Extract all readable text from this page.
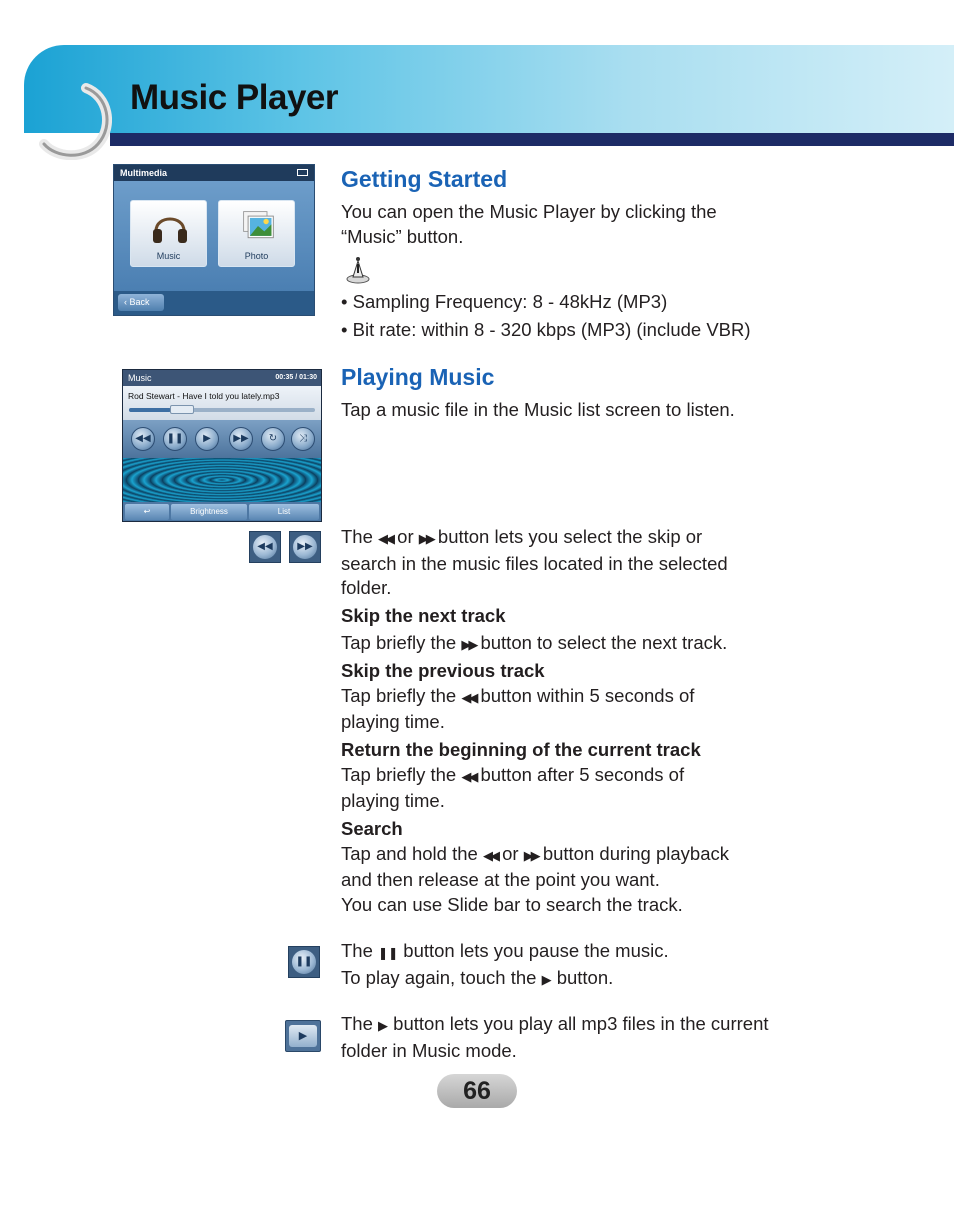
Music Player
Multimedia
Music	Photo
‹ Back
Getting Started
You can open the Music Player by clicking the
“Music” button.
• Sampling Frequency: 8 - 48kHz (MP3)
• Bit rate: within 8 - 320 kbps (MP3) (include VBR)
Music	00:35 / 01:30
Rod Stewart - Have I told you lately.mp3
◀◀	❚❚	▶	▶▶	↻	⤨
↩	Brightness	List
Playing Music
Tap a music file in the Music list screen to listen.
◀◀	▶▶ The ◀◀ or ▶▶ button lets you select the skip or
search in the music files located in the selected
folder.
Skip the next track
Tap briefly the ▶▶ button to select the next track.
Skip the previous track
Tap briefly the ◀◀ button within 5 seconds of
playing time.
Return the beginning of the current track
Tap briefly the ◀◀ button after 5 seconds of
playing time.
Search
Tap and hold the ◀◀ or ▶▶ button during playback
and then release at the point you want.
You can use Slide bar to search the track.
❚❚
The ❚❚ button lets you pause the music.
To play again, touch the ▶ button.
▶
The ▶ button lets you play all mp3 files in the current
folder in Music mode.
66
